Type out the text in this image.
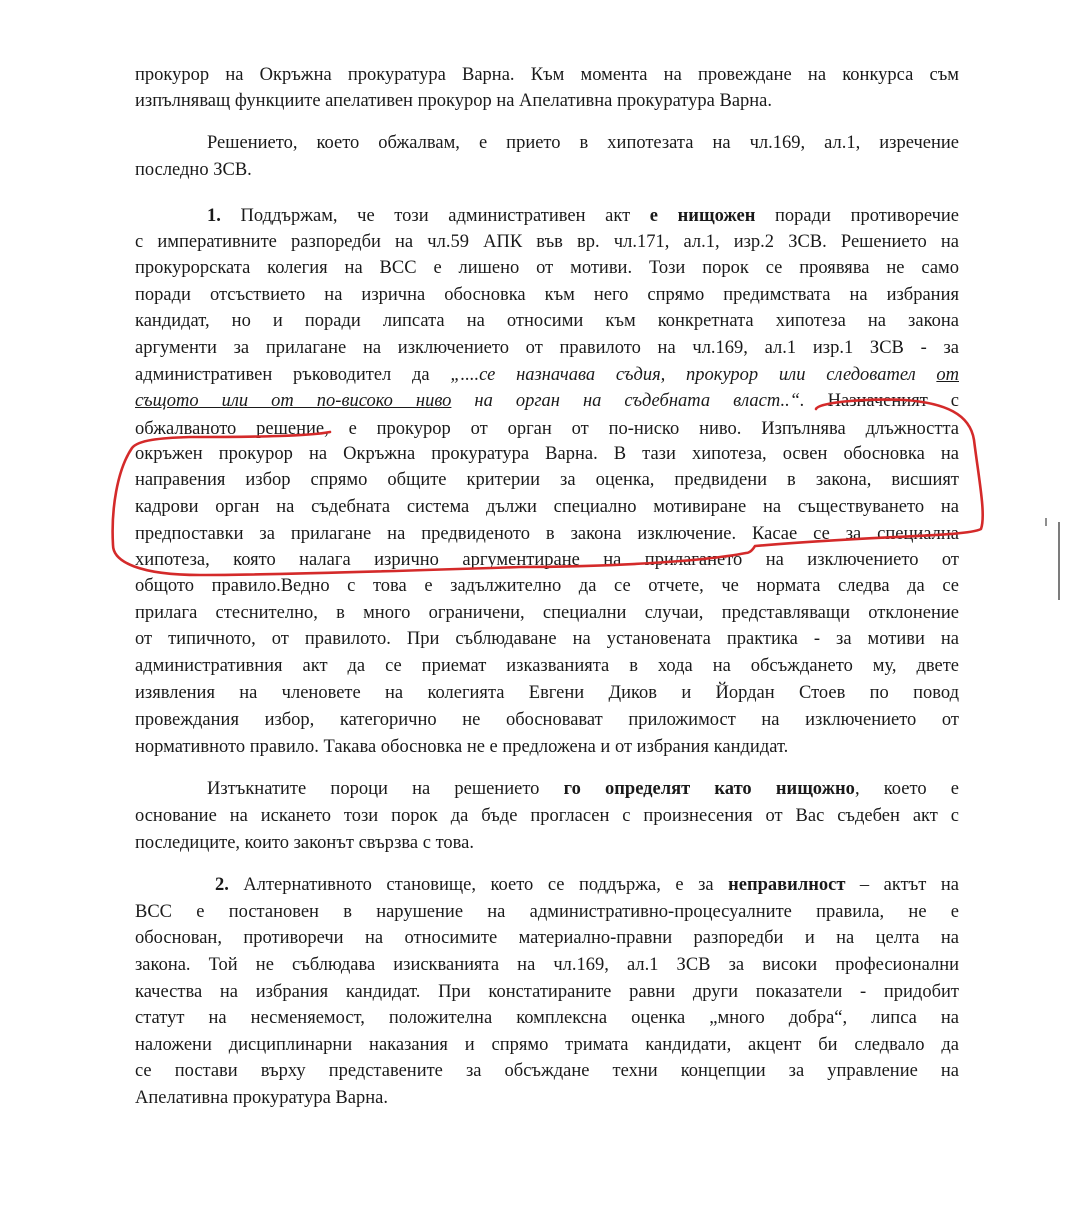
прокурор на Окръжна прокуратура Варна. Към момента на провеждане на конкурса съм
изпълняващ функциите апелативен прокурор на Апелативна прокуратура Варна.
Решението, което обжалвам, е прието в хипотезата на чл.169, ал.1, изречение
последно ЗСВ.
1. Поддържам, че този административен акт е нищожен поради противоречие
с императивните разпоредби на чл.59 АПК във вр. чл.171, ал.1, изр.2 ЗСВ. Решението на
прокурорската колегия на ВСС е лишено от мотиви. Този порок се проявява не само
поради отсъствието на изрична обосновка към него спрямо предимствата на избрания
кандидат, но и поради липсата на относими към конкретната хипотеза на закона
аргументи за прилагане на изключението от правилото на чл.169, ал.1 изр.1 ЗСВ - за
административен ръководител да „....се назначава съдия, прокурор или следовател от
същото или от по-високо ниво на орган на съдебната власт..“. Назначеният с
обжалваното решение, е прокурор от орган от по-ниско ниво. Изпълнява длъжността
окръжен прокурор на Окръжна прокуратура Варна. В тази хипотеза, освен обосновка на
направения избор спрямо общите критерии за оценка, предвидени в закона, висшият
кадрови орган на съдебната система дължи специално мотивиране на съществуването на
предпоставки за прилагане на предвиденото в закона изключение. Касае се за специална
хипотеза, която налага изрично аргументиране на прилагането на изключението от
общото правило.Ведно с това е задължително да се отчете, че нормата следва да се
прилага стеснително, в много ограничени, специални случаи, представляващи отклонение
от типичното, от правилото. При съблюдаване на установената практика - за мотиви на
административния акт да се приемат изказванията в хода на обсъждането му, двете
изявления на членовете на колегията Евгени Диков и Йордан Стоев по повод
провеждания избор, категорично не обосновават приложимост на изключението от
нормативното правило. Такава обосновка не е предложена и от избрания кандидат.
Изтъкнатите пороци на решението го определят като нищожно, което е
основание на искането този порок да бъде прогласен с произнесения от Вас съдебен акт с
последиците, които законът свързва с това.
2. Алтернативното становище, което се поддържа, е за неправилност – актът на
ВСС е постановен в нарушение на административно-процесуалните правила, не е
обоснован, противоречи на относимите материално-правни разпоредби и на целта на
закона. Той не съблюдава изискванията на чл.169, ал.1 ЗСВ за високи професионални
качества на избрания кандидат. При констатираните равни други показатели - придобит
статут на несменяемост, положителна комплексна оценка „много добра“, липса на
наложени дисциплинарни наказания и спрямо тримата кандидати, акцент би следвало да
се постави върху представените за обсъждане техни концепции за управление на
Апелативна прокуратура Варна.
